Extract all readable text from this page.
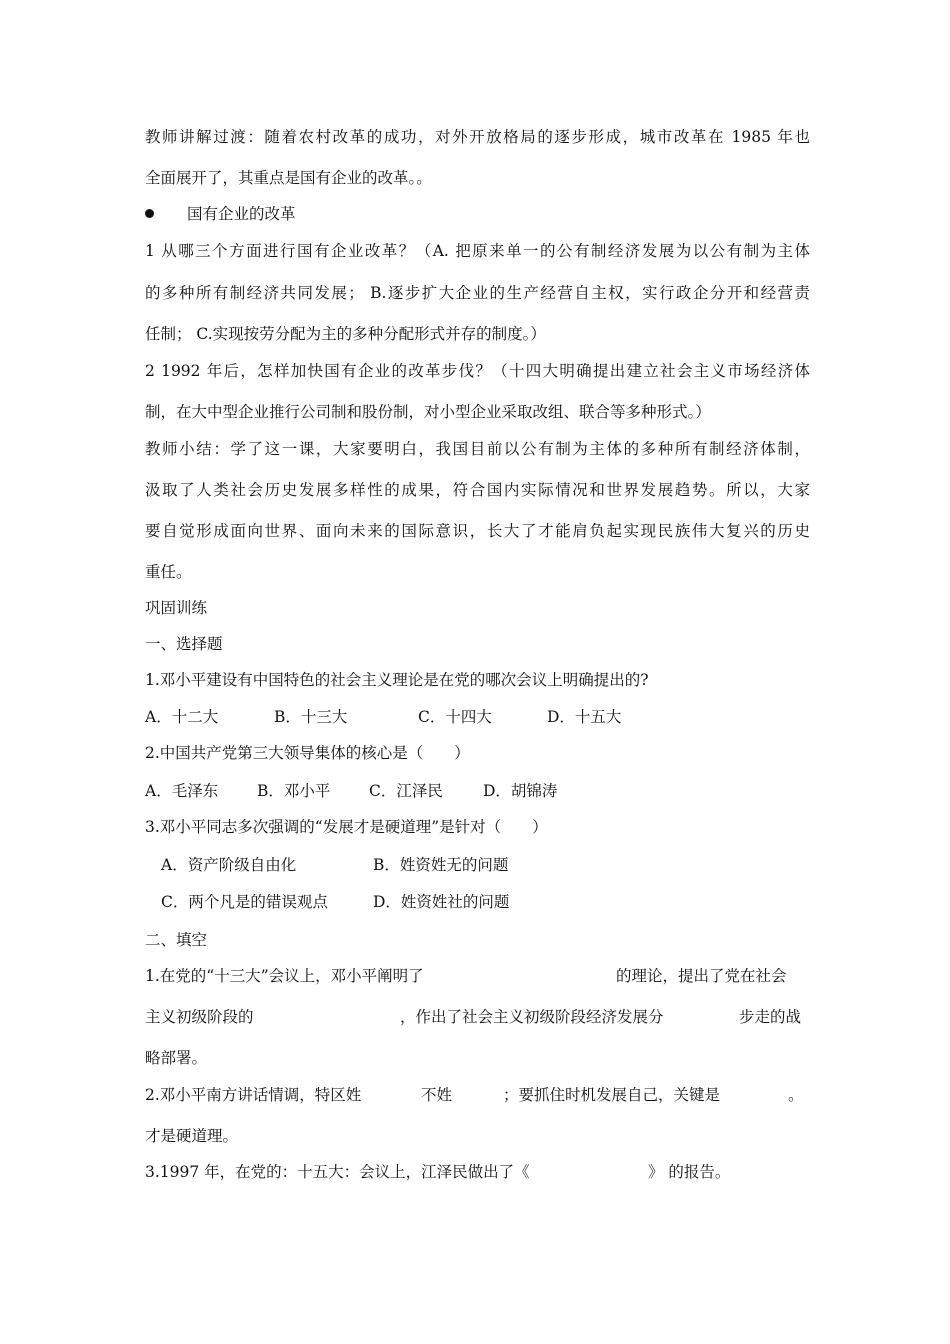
教师讲解过渡：随着农村改革的成功，对外开放格局的逐步形成，城市改革在 1985 年也
全面展开了，其重点是国有企业的改革。。
国有企业的改革
1 从哪三个方面进行国有企业改革？（A. 把原来单一的公有制经济发展为以公有制为主体
的多种所有制经济共同发展； B.逐步扩大企业的生产经营自主权，实行政企分开和经营责
任制； C.实现按劳分配为主的多种分配形式并存的制度。）
2 1992 年后，怎样加快国有企业的改革步伐？（十四大明确提出建立社会主义市场经济体
制，在大中型企业推行公司制和股份制，对小型企业采取改组、联合等多种形式。）
教师小结：学了这一课，大家要明白，我国目前以公有制为主体的多种所有制经济体制，
汲取了人类社会历史发展多样性的成果，符合国内实际情况和世界发展趋势。所以，大家
要自觉形成面向世界、面向未来的国际意识，长大了才能肩负起实现民族伟大复兴的历史
重任。
巩固训练
一、选择题
1.邓小平建设有中国特色的社会主义理论是在党的哪次会议上明确提出的?
A．十二大	B．十三大	C．十四大	D．十五大
2.中国共产党第三大领导集体的核心是（　　）
A．毛泽东	B．邓小平 C．江泽民	D．胡锦涛
3.邓小平同志多次强调的“发展才是硬道理”是针对（　　）
A．资产阶级自由化	B．姓资姓无的问题
C．两个凡是的错误观点	D．姓资姓社的问题
二、填空
1.在党的“十三大”会议上，邓小平阐明了	的理论，提出了党在社会
主义初级阶段的	，作出了社会主义初级阶段经济发展分	步走的战
略部署。
2.邓小平南方讲话情调，特区姓	不姓	；要抓住时机发展自己，关键是	。
才是硬道理。
3.1997 年，在党的：十五大：会议上，江泽民做出了《	》 的报告。
